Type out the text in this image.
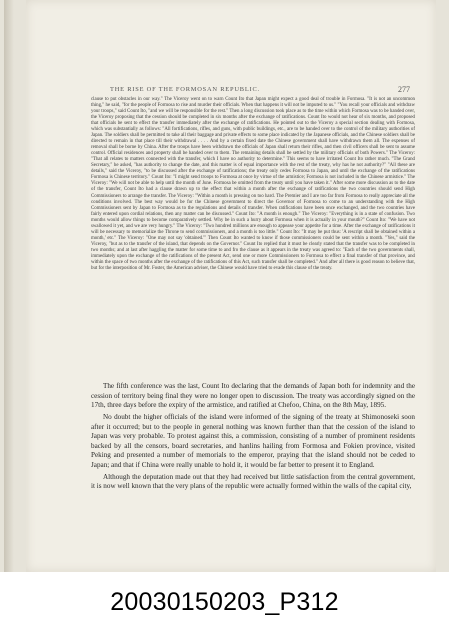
THE RISE OF THE FORMOSAN REPUBLIC.	277

clause to put obstacles in our way." The Viceroy went on to warn Count Ito that Japan might expect a good deal of trouble in Formosa. "It is not an uncommon thing," he said, "for the people of Formosa to rise and murder their officials. When that happens it will not be imputed to us." "You recall your officials and withdraw your troops," said Count Ito, "and we will be responsible for the rest." Then a long discussion took place as to the time within which Formosa was to be handed over, the Viceroy proposing that the cession should be completed in six months after the exchange of ratifications. Count Ito would not hear of six months, and proposed that officials be sent to effect the transfer immediately after the exchange of ratifications. He pointed out to the Viceroy a special section dealing with Formosa, which was substantially as follows: "All fortifications, rifles, and guns, with public buildings, etc., are to be handed over to the control of the military authorities of Japan. The soldiers shall be permitted to take all their baggage and private effects to some place indicated by the Japanese officials, and the Chinese soldiers shall be directed to remain in that place till their withdrawal . . . . And by a certain fixed date the Chinese government shall have withdrawn them all. The expenses of removal shall be borne by China. After the troops have been withdrawn the officials of Japan shall return their rifles, and then civil officers shall be sent to assume control. Official residences and property shall be handed over to them. The remaining details shall be settled by the military officials of both Powers." The Viceroy: "That all relates to matters connected with the transfer, which I have no authority to determine." This seems to have irritated Count Ito rather much. "The Grand Secretary," he asked, "has authority to change the date, and this matter is of equal importance with the rest of the treaty, why has he not authority?" "All these are details," said the Viceroy, "to be discussed after the exchange of ratifications; the treaty only cedes Formosa to Japan, and until the exchange of the ratifications Formosa is Chinese territory." Count Ito: "I might send troops to Formosa at once by virtue of the armistice; Formosa is not included in the Chinese armistice." The Viceroy: "We will not be able to help until the month of June. Formosa be omitted from the treaty until you have taken it." After some more discussion as to the date of the transfer, Count Ito had a clause drawn up to the effect that within a month after the exchange of ratifications the two countries should send High Commissioners to arrange the transfer. The Viceroy: "Within a month is pressing on too hard. The Premier and I are too far from Formosa to really appreciate all the conditions involved. The best way would be for the Chinese government to direct the Governor of Formosa to come to an understanding with the High Commissioners sent by Japan to Formosa as to the regulations and details of transfer. When ratifications have been once exchanged, and the two countries have fairly entered upon cordial relations, then any matter can be discussed." Count Ito: "A month is enough." The Viceroy: "Everything is in a state of confusion. Two months would allow things to become comparatively settled. Why be in such a hurry about Formosa when it is actually in your mouth?" Count Ito: "We have not swallowed it yet, and we are very hungry." The Viceroy: "Two hundred millions are enough to appease your appetite for a time. After the exchange of ratifications it will be necessary to memorialize the Throne to send commissioners, and a month is too little." Count Ito: "It may be put thus: 'A rescript shall be obtained within a month,' etc." The Viceroy: "One may not say 'obtained.'" Then Count Ito wanted to know if those commissioners could be sent within a month. "Yes," said the Viceroy, "but as to the transfer of the island, that depends on the Governor." Count Ito replied that it must be clearly stated that the transfer was to be completed in two months; and at last after haggling the matter for some time to and fro the clause as it appears in the treaty was agreed to: "Each of the two governments shall, immediately upon the exchange of the ratifications of the present Act, send one or more Commissioners to Formosa to effect a final transfer of that province, and within the space of two months after the exchange of the ratifications of this Act, such transfer shall be completed." And after all there is good reason to believe that, but for the interposition of Mr. Foster, the American adviser, the Chinese would have tried to evade this clause of the treaty.

The fifth conference was the last, Count Ito declaring that the demands of Japan both for indemnity and the cession of territory being final they were no longer open to discussion. The treaty was accordingly signed on the 17th, three days before the expiry of the armistice, and ratified at Chefoo, China, on the 8th May, 1895.

No doubt the higher officials of the island were informed of the signing of the treaty at Shimonoseki soon after it occurred; but to the people in general nothing was known further than that the cession of the island to Japan was very probable. To protest against this, a commission, consisting of a number of prominent residents backed by all the censors, board secretaries, and hanlins hailing from Formosa and Fokien province, visited Peking and presented a number of memorials to the emperor, praying that the island should not be ceded to Japan; and that if China were really unable to hold it, it would be far better to present it to England.

Although the deputation made out that they had received but little satisfaction from the central government, it is now well known that the very plans of the republic were actually formed within the walls of the capital city,

20030150203_P312
